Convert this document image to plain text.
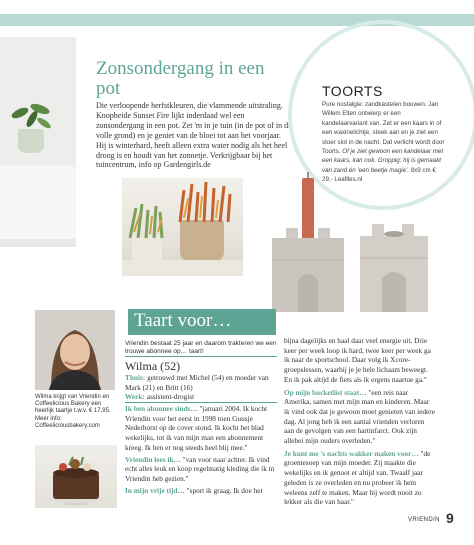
Zonsondergang in een pot

Die verloopende herfstkleuren, die vlammende uitstraling. Knopheide Sunset Fire lijkt inderdaad wel een zonsondergang in een pot. Zet 'm in je tuin (in de pot of in de volle grond) en je geniet van de bloei tot aan het voorjaar. Hij is winterhard, heeft alleen extra water nodig als het heel droog is en houdt van het zonnetje. Verkrijgbaar bij het tuincentrum, info op Gardengirls.de

TOORTS

Pure nostalgie: zandkastelen bouwen. Jan Willem Elten ontwierp er een kandelaarvariant van. Zet er een kaars in of een waxinelichtje, steek aan en je ziet een stoer slot in de nacht. Dat verlicht wordt door Toorts. Of je ziet gewoon een kandelaar met een kaars, kan ook. Groppig: hij is gemaakt van zand én 'een beetje magie'. 8x9 cm € 29,- Leaflles.nl

Taart voor…

Wilma krijgt van Vriendin en Coffeelicious Bakery een heerlijk taartje t.w.v. € 17,95. Meer info: Coffeeliciousbakery.com

Vriendin bestaat 25 jaar en daarom trakteren we een trouwe abonnee op… taart!

Wilma (52)

Thuis: getrouwd met Michel (54) en moeder van Mark (21) en Britt (16)
Werk: assistent-drogist

Ik ben abonnee sinds… "januari 2004. Ik kocht Vriendin voor het eerst in 1998 toen Guusje Nederhorst op de cover stond. Ik kocht het blad wekelijks, tot ik van mijn man een abonnement kreeg. Ik ben er nog steeds heel blij mee."

Vriendin lees ik… "van voor naar achter. Ik vind echt alles leuk en koop regelmatig kleding die ik in Vriendin heb gezien."

In mijn vrije tijd… "sport ik graag. Ik doe het

bijna dagelijks en haal daar veel energie uit. Drie keer per week loop ik hard, twee keer per week ga ik naar de sportschool. Daar volg ik Xcore-groepslessen, waarbij je je hele lichaam beweegt. En ik pak altijd de fiets als ik ergens naartoe ga."

Op mijn bucketlist staat… "een reis naar Amerika, samen met mijn man en kinderen. Maar ik vind ook dat je gewoon moet genieten van iedere dag. Al jong heb ik een aantal vrienden verloren aan de gevolgen van een hartinfarct. Ook zijn allebei mijn ouders overleden."

Je kunt me 's nachts wakker maken voor… "de groentesoep van mijn moeder. Zij maakte die wekelijks en ik genoot er altijd van. Twaalf jaar geleden is ze overleden en nu probeer ik hem weleens zelf te maken. Maar hij wordt nooit zo lekker als die van haar."

VRIENDIN 9
